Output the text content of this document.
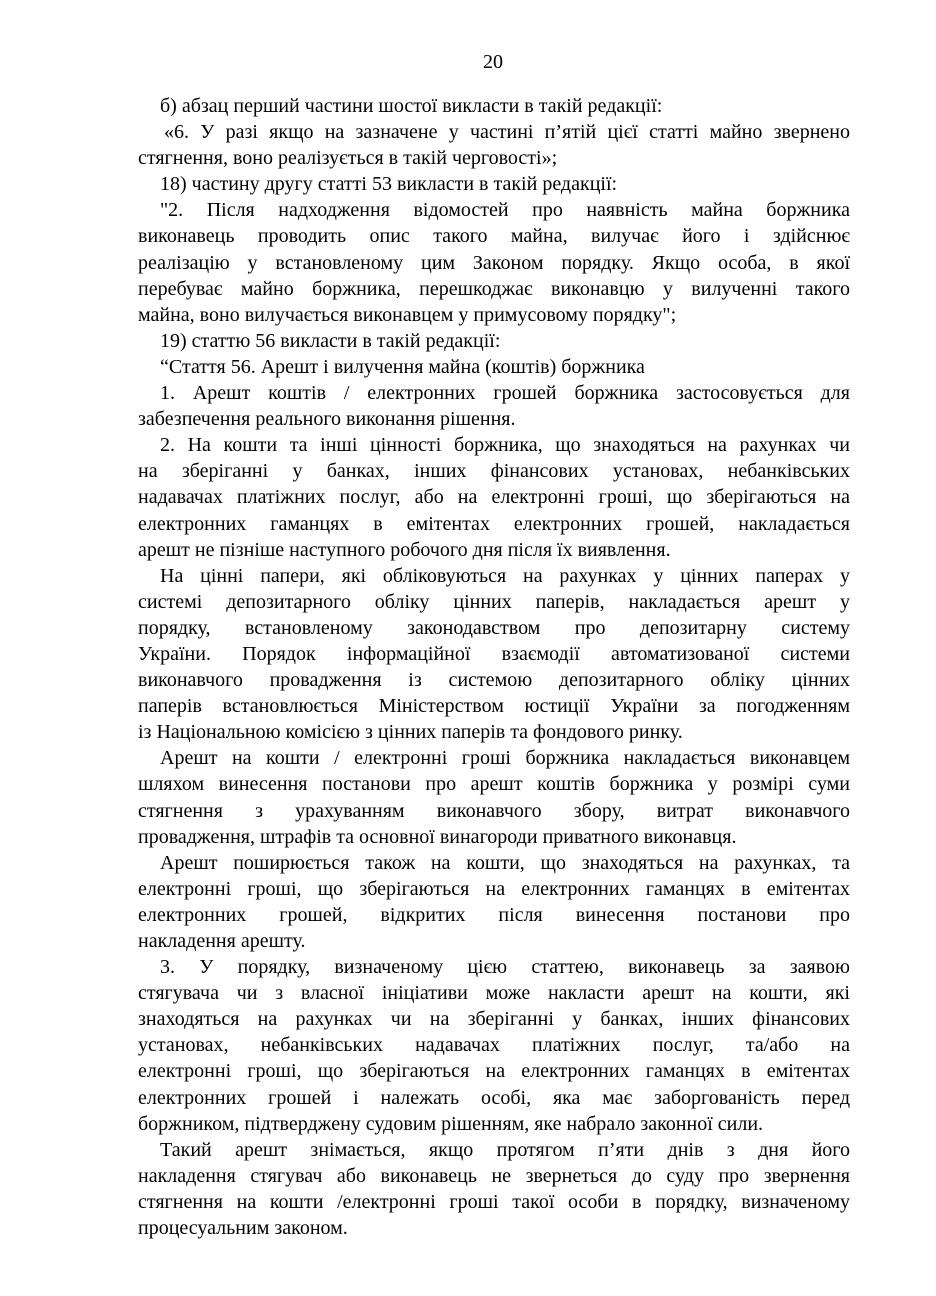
20
б) абзац перший частини шостої викласти в такій редакції:
«6. У разі якщо на зазначене у частині п’ятій цієї статті майно звернено
стягнення, воно реалізується в такій черговості»;
18) частину другу статті 53 викласти в такій редакції:
"2. Після надходження відомостей про наявність майна боржника
виконавець проводить опис такого майна, вилучає його і здійснює
реалізацію у встановленому цим Законом порядку. Якщо особа, в якої
перебуває майно боржника, перешкоджає виконавцю у вилученні такого
майна, воно вилучається виконавцем у примусовому порядку";
19) статтю 56 викласти в такій редакції:
“Стаття 56. Арешт і вилучення майна (коштів) боржника
1. Арешт коштів / електронних грошей боржника застосовується для
забезпечення реального виконання рішення.
2. На кошти та інші цінності боржника, що знаходяться на рахунках чи
на зберіганні у банках, інших фінансових установах, небанківських
надавачах платіжних послуг, або на електронні гроші, що зберігаються на
електронних гаманцях в емітентах електронних грошей, накладається
арешт не пізніше наступного робочого дня після їх виявлення.
На цінні папери, які обліковуються на рахунках у цінних паперах у
системі депозитарного обліку цінних паперів, накладається арешт у
порядку, встановленому законодавством про депозитарну систему
України. Порядок інформаційної взаємодії автоматизованої системи
виконавчого провадження із системою депозитарного обліку цінних
паперів встановлюється Міністерством юстиції України за погодженням
із Національною комісією з цінних паперів та фондового ринку.
Арешт на кошти / електронні гроші боржника накладається виконавцем
шляхом винесення постанови про арешт коштів боржника у розмірі суми
стягнення з урахуванням виконавчого збору, витрат виконавчого
провадження, штрафів та основної винагороди приватного виконавця.
Арешт поширюється також на кошти, що знаходяться на рахунках, та
електронні гроші, що зберігаються на електронних гаманцях в емітентах
електронних грошей, відкритих після винесення постанови про
накладення арешту.
3. У порядку, визначеному цією статтею, виконавець за заявою
стягувача чи з власної ініціативи може накласти арешт на кошти, які
знаходяться на рахунках чи на зберіганні у банках, інших фінансових
установах, небанківських надавачах платіжних послуг, та/або на
електронні гроші, що зберігаються на електронних гаманцях в емітентах
електронних грошей і належать особі, яка має заборгованість перед
боржником, підтверджену судовим рішенням, яке набрало законної сили.
Такий арешт знімається, якщо протягом п’яти днів з дня його
накладення стягувач або виконавець не звернеться до суду про звернення
стягнення на кошти /електронні гроші такої особи в порядку, визначеному
процесуальним законом.
